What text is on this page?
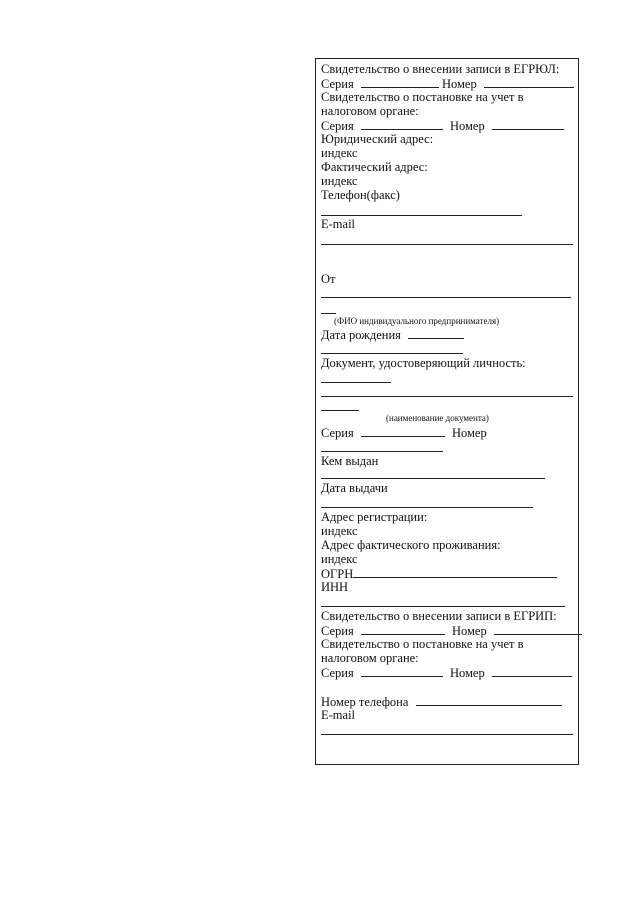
Свидетельство о внесении записи в ЕГРЮЛ:
Серия	Номер
Свидетельство о постановке на учет в
налоговом органе:
Серия	Номер
Юридический адрес:
индекс
Фактический адрес:
индекс
Телефон(факс)
E-mail
От
(ФИО индивидуального предпринимателя)
Дата рождения
Документ, удостоверяющий личность:
(наименование документа)
Серия	Номер
Кем выдан
Дата выдачи
Адрес регистрации:
индекс
Адрес фактического проживания:
индекс
ОГРН
ИНН
Свидетельство о внесении записи в ЕГРИП:
Серия	Номер
Свидетельство о постановке на учет в
налоговом органе:
Серия	Номер
Номер телефона
E-mail
